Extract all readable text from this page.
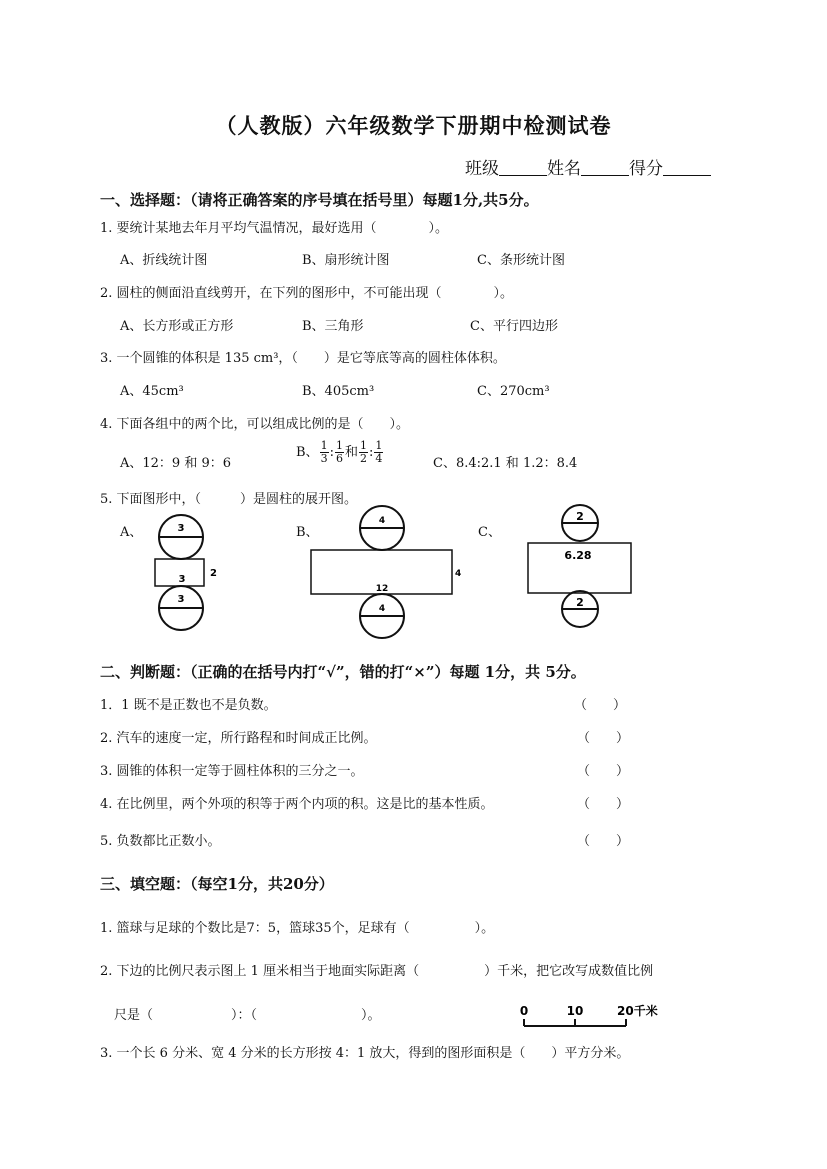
（人教版）六年级数学下册期中检测试卷
班级	姓名	得分
一、选择题：（请将正确答案的序号填在括号里）每题1分,共5分。
1. 要统计某地去年月平均气温情况，最好选用（　　　　）。
A、折线统计图	B、扇形统计图	C、条形统计图
2. 圆柱的侧面沿直线剪开，在下列的图形中，不可能出现（　　　　）。
A、长方形或正方形	B、三角形	C、平行四边形
3. 一个圆锥的体积是 135 cm³，（　　）是它等底等高的圆柱体体积。
A、45cm³	B、405cm³	C、270cm³
4. 下面各组中的两个比，可以组成比例的是（　　）。
A、12：9 和 9：6
B、 $\frac{1}{3}$ : $\frac{1}{6}$ 和 $\frac{1}{2}$ : $\frac{1}{4}$	C、8.4:2.1 和 1.2：8.4
5. 下面图形中，（　　　）是圆柱的展开图。
A、	B、	C、
3
3
2
3
4
12
4
4
2
6.28
2
二、判断题：（正确的在括号内打“√”，错的打“×”）每题 1分，共 5分。
1．1 既不是正数也不是负数。	（　　）
2. 汽车的速度一定，所行路程和时间成正比例。	（　　）
3. 圆锥的体积一定等于圆柱体积的三分之一。	（　　）
4. 在比例里，两个外项的积等于两个内项的积。这是比的基本性质。	（　　）
5. 负数都比正数小。	（　　）
三、填空题：（每空1分，共20分）
1. 篮球与足球的个数比是7：5，篮球35个，足球有（　　　　　）。
2. 下边的比例尺表示图上 1 厘米相当于地面实际距离（　　　　　）千米，把它改写成数值比例
尺是（　　　　　　）：（　　　　　　　　）。	0	10	20千米
3. 一个长 6 分米、宽 4 分米的长方形按 4：1 放大，得到的图形面积是（　　）平方分米。
